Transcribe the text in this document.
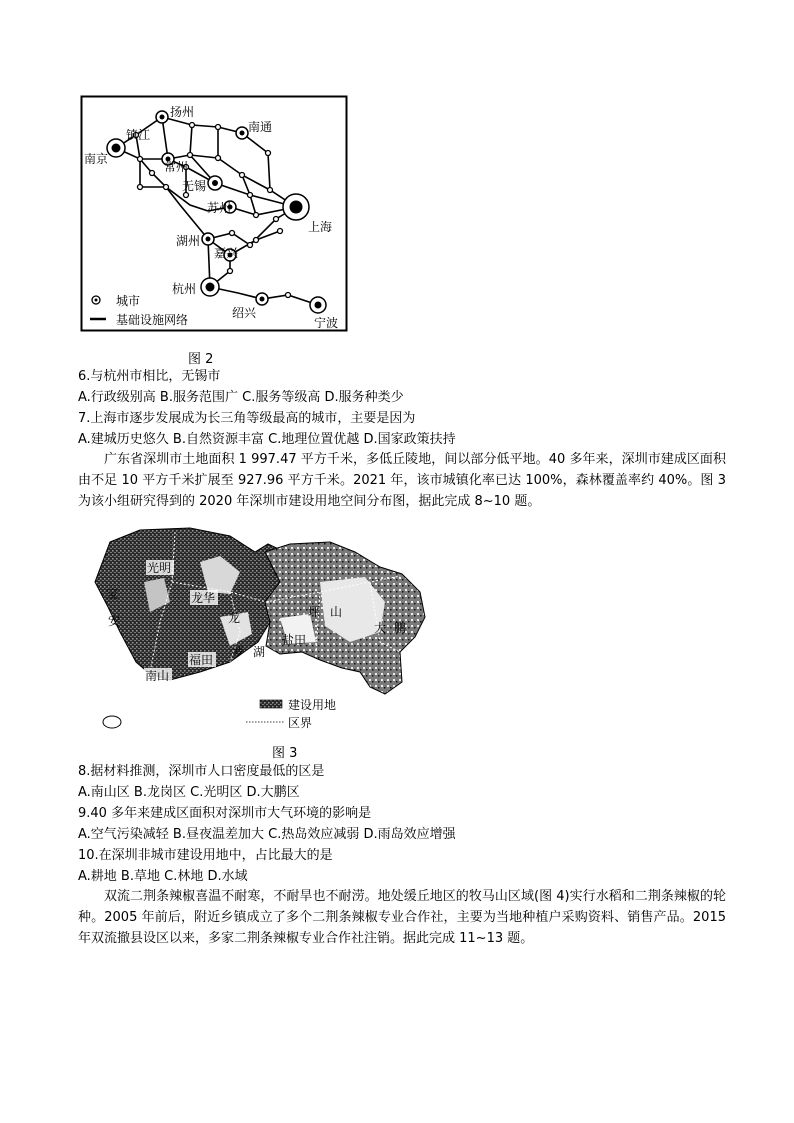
扬州
南通
镇江
南京
常州
无锡
苏州
上海
湖州
嘉兴
杭州
绍兴
宁波
城市
基础设施网络
图 2
6.与杭州市相比，无锡市
A.行政级别高 B.服务范围广 C.服务等级高 D.服务种类少
7.上海市逐步发展成为长三角等级最高的城市，主要是因为
A.建城历史悠久 B.自然资源丰富 C.地理位置优越 D.国家政策扶持
广东省深圳市土地面积 1 997.47 平方千米，多低丘陵地，间以部分低平地。40 多年来，深圳市建成区面积由不足 10 平方千米扩展至 927.96 平方千米。2021 年，该市城镇化率已达 100%，森林覆盖率约 40%。图 3 为该小组研究得到的 2020 年深圳市建设用地空间分布图，据此完成 8~10 题。
光明
宝
安
龙华
龙	坪 山
盐田
大 鹏
福田
罗 湖
南山
建设用地
区界
图 3
8.据材料推测，深圳市人口密度最低的区是
A.南山区 B.龙岗区 C.光明区 D.大鹏区
9.40 多年来建成区面积对深圳市大气环境的影响是
A.空气污染减轻 B.昼夜温差加大 C.热岛效应减弱 D.雨岛效应增强
10.在深圳非城市建设用地中，占比最大的是
A.耕地 B.草地 C.林地 D.水域
双流二荆条辣椒喜温不耐寒，不耐旱也不耐涝。地处缓丘地区的牧马山区域(图 4)实行水稻和二荆条辣椒的轮种。2005 年前后，附近乡镇成立了多个二荆条辣椒专业合作社，主要为当地种植户采购资料、销售产品。2015 年双流撤县设区以来，多家二荆条辣椒专业合作社注销。据此完成 11~13 题。
